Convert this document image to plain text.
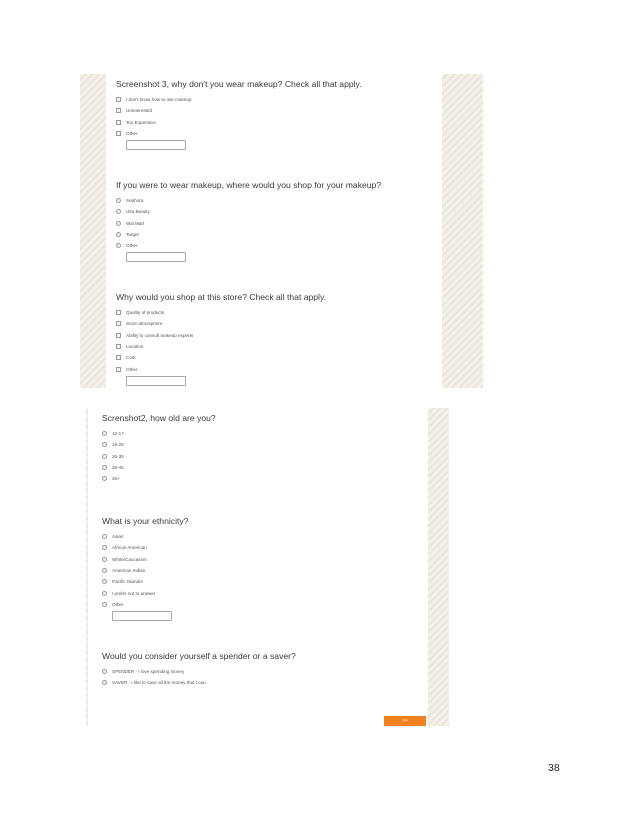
Screenshot 3, why don't you wear makeup? Check all that apply.
I don't know how to use makeup
Uninterested
Too Expensive
Other
If you were to wear makeup, where would you shop for your makeup?
Sephora
Ulta Beauty
Wal Mart
Target
Other
Why would you shop at this store? Check all that apply.
Quality of products
Store atmosphere
Ability to consult makeup experts
Location
Cost
Other
Screnshot2, how old are you?
12-17
18-25
26-35
36-45
45+
What is your ethnicity?
Asian
African American
White/Caucasion
American Indian
Pacific Islander
I prefer not to answer
Other
Would you consider yourself a spender or a saver?
SPENDER - I love spending money
SAVER - I like to save all the money that I can.
>>
38
